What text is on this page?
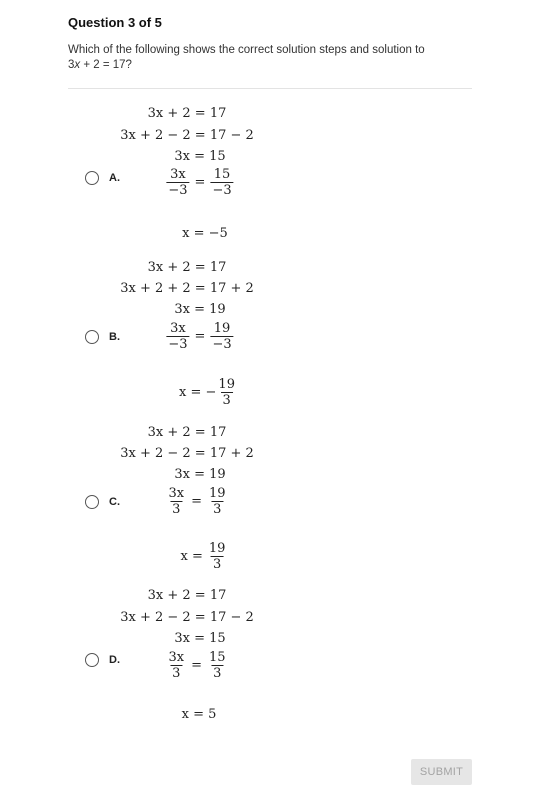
Question 3 of 5
Which of the following shows the correct solution steps and solution to
3x + 2 = 17?
A.
3x + 2 = 17
3x + 2 − 2 = 17 − 2
3x = 15
$\frac{3x}{-3} = \frac{15}{-3}$
x = −5
B.
3x + 2 = 17
3x + 2 + 2 = 17 + 2
3x = 19
$\frac{3x}{-3} = \frac{19}{-3}$
x = − $\frac{19}{3}$
C.
3x + 2 = 17
3x + 2 − 2 = 17 + 2
3x = 19
$\frac{3x}{3} = \frac{19}{3}$
$x = \frac{19}{3}$
D.
3x + 2 = 17
3x + 2 − 2 = 17 − 2
3x = 15
$\frac{3x}{3} = \frac{15}{3}$
x = 5
SUBMIT
